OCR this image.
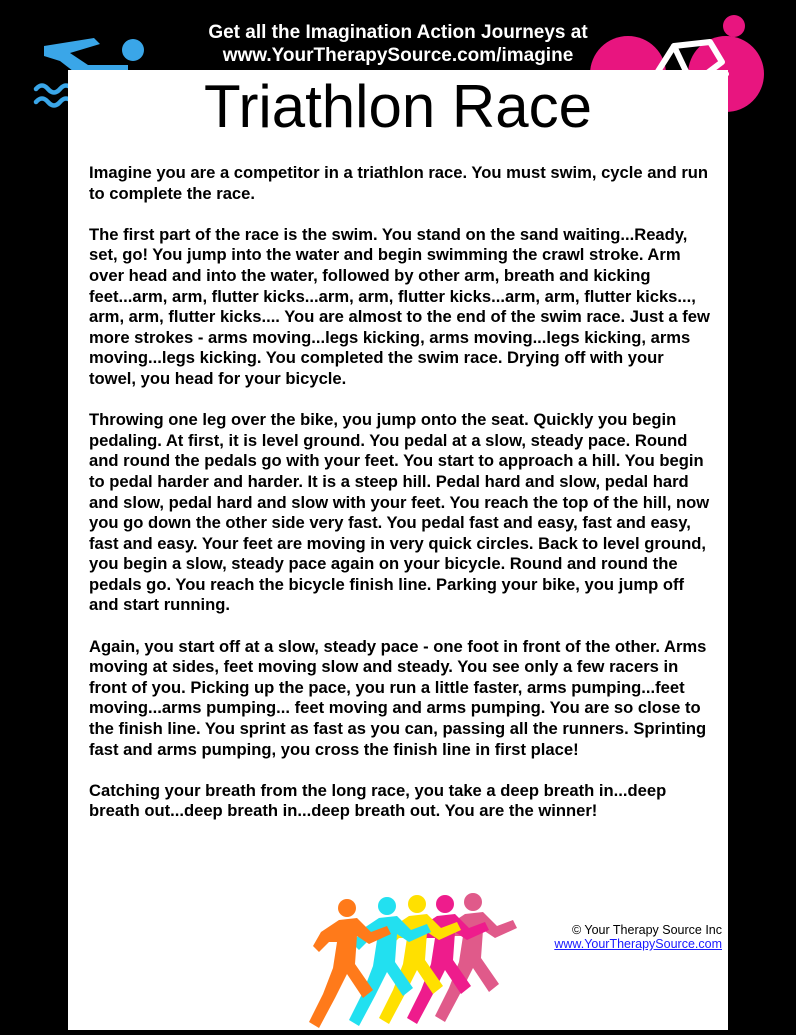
Get all the Imagination Action Journeys at
www.YourTherapySource.com/imagine
Triathlon Race

Imagine you are a competitor in a triathlon race. You must swim, cycle and run to complete the race.

The first part of the race is the swim. You stand on the sand waiting...Ready, set, go! You jump into the water and begin swimming the crawl stroke. Arm over head and into the water, followed by other arm, breath and kicking feet...arm, arm, flutter kicks...arm, arm, flutter kicks...arm, arm, flutter kicks..., arm, arm, flutter kicks.... You are almost to the end of the swim race. Just a few more strokes - arms moving...legs kicking, arms moving...legs kicking, arms moving...legs kicking. You completed the swim race. Drying off with your towel, you head for your bicycle.

Throwing one leg over the bike, you jump onto the seat. Quickly you begin pedaling. At first, it is level ground. You pedal at a slow, steady pace. Round and round the pedals go with your feet. You start to approach a hill. You begin to pedal harder and harder. It is a steep hill. Pedal hard and slow, pedal hard and slow, pedal hard and slow with your feet. You reach the top of the hill, now you go down the other side very fast. You pedal fast and easy, fast and easy, fast and easy. Your feet are moving in very quick circles. Back to level ground, you begin a slow, steady pace again on your bicycle. Round and round the pedals go. You reach the bicycle finish line. Parking your bike, you jump off and start running.

Again, you start off at a slow, steady pace - one foot in front of the other. Arms moving at sides, feet moving slow and steady. You see only a few racers in front of you. Picking up the pace, you run a little faster, arms pumping...feet moving...arms pumping... feet moving and arms pumping. You are so close to the finish line. You sprint as fast as you can, passing all the runners. Sprinting fast and arms pumping, you cross the finish line in first place!

Catching your breath from the long race, you take a deep breath in...deep breath out...deep breath in...deep breath out. You are the winner!

© Your Therapy Source Inc
www.YourTherapySource.com
